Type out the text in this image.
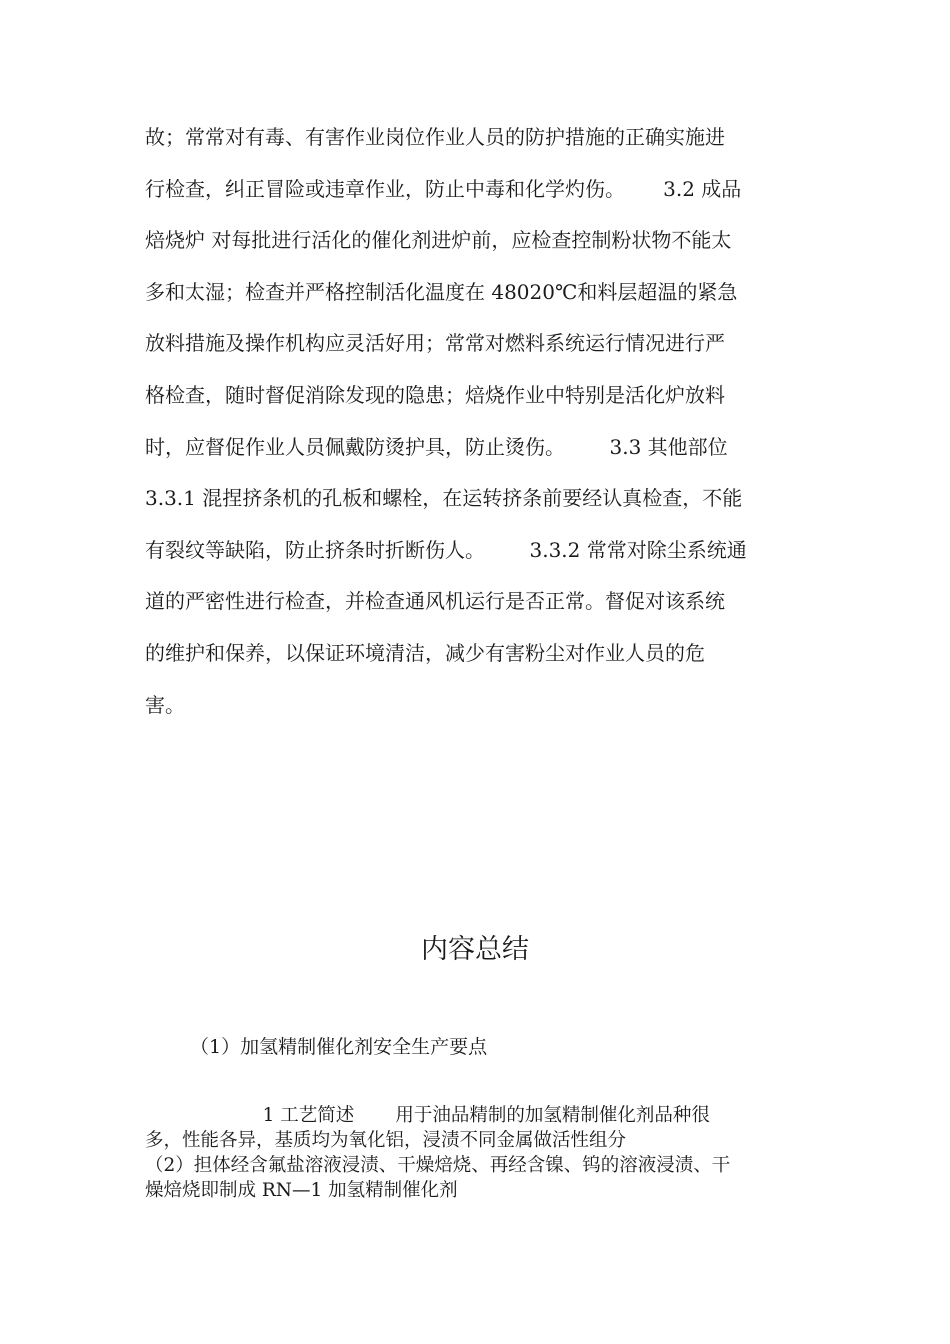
故；常常对有毒、有害作业岗位作业人员的防护措施的正确实施进
行检查，纠正冒险或违章作业，防止中毒和化学灼伤。      3.2 成品
焙烧炉 对每批进行活化的催化剂进炉前，应检查控制粉状物不能太
多和太湿；检查并严格控制活化温度在 48020℃和料层超温的紧急
放料措施及操作机构应灵活好用；常常对燃料系统运行情况进行严
格检查，随时督促消除发现的隐患；焙烧作业中特别是活化炉放料
时，应督促作业人员佩戴防烫护具，防止烫伤。       3.3 其他部位
3.3.1 混捏挤条机的孔板和螺栓，在运转挤条前要经认真检查，不能
有裂纹等缺陷，防止挤条时折断伤人。       3.3.2 常常对除尘系统通
道的严密性进行检查，并检查通风机运行是否正常。督促对该系统
的维护和保养，以保证环境清洁，减少有害粉尘对作业人员的危
害。
内容总结
（1）加氢精制催化剂安全生产要点
1 工艺简述       用于油品精制的加氢精制催化剂品种很
多，性能各异，基质均为氧化铝，浸渍不同金属做活性组分
（2）担体经含氟盐溶液浸渍、干燥焙烧、再经含镍、钨的溶液浸渍、干
燥焙烧即制成 RN—1 加氢精制催化剂
